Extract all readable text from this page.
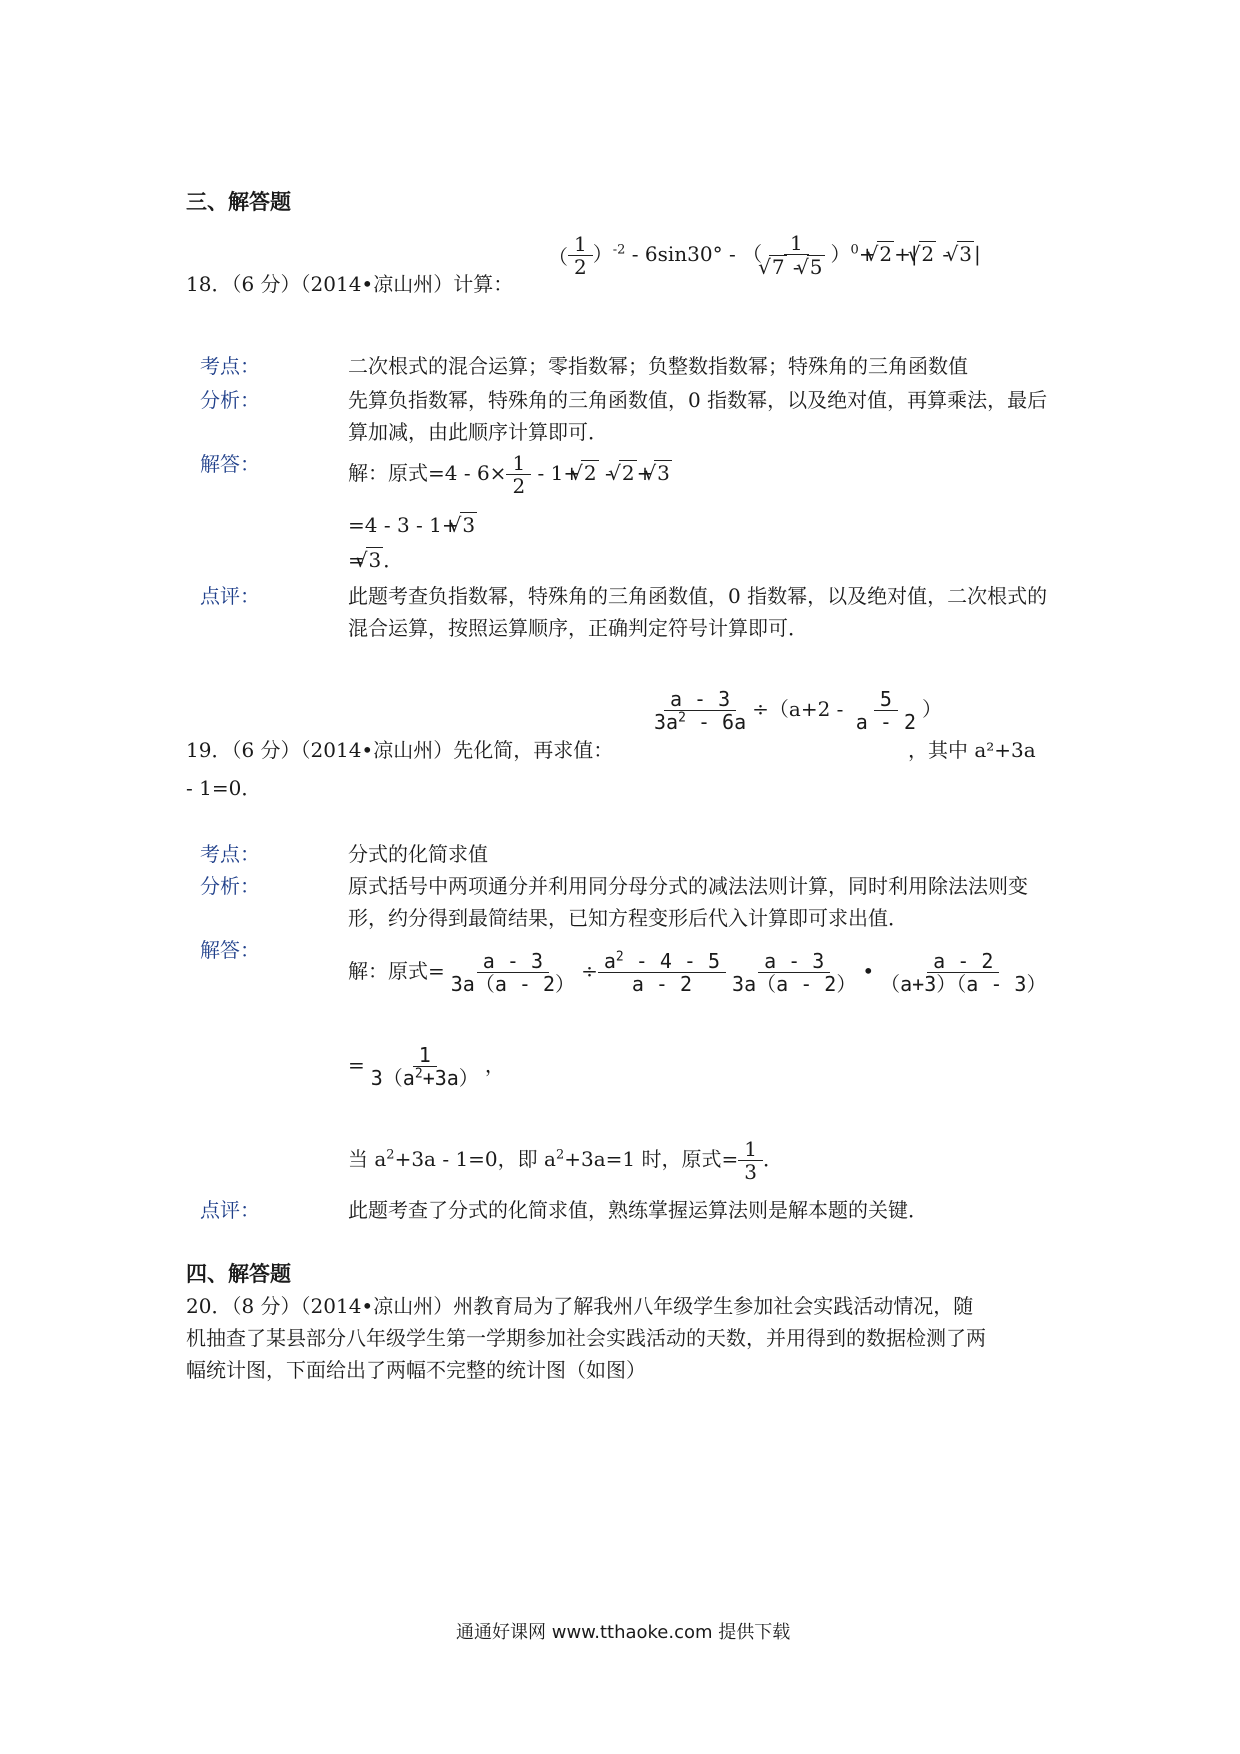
三、解答题
18．（6 分）（2014•凉山州）计算：
（ $\frac{1}{2} )^{-2} - 6\sin 30^\circ$ - （ 1
√ 7 - √ 5 ）$^0$+√ 2 +|√ 2 - √ 3 |
考点：	二次根式的混合运算；零指数幂；负整数指数幂；特殊角的三角函数值
分析：	先算负指数幂，特殊角的三角函数值，0 指数幂，以及绝对值，再算乘法，最后
算加减，由此顺序计算即可．
解答：	解：原式$=4 - 6\times \frac{1}{2} - 1+√$ 2 - √ 2 +√ 3
=4 - 3 - 1+√ 3
=√ 3 ．
点评：	此题考查负指数幂，特殊角的三角函数值，0 指数幂，以及绝对值，二次根式的
混合运算，按照运算顺序，正确判定符号计算即可．
19．（6 分）（2014•凉山州）先化简，再求值：
$\frac{a - 3}{3a^2 - 6a} \div(a+2 - \frac{5}{a - 2}$ ）
，其中 a²+3a
- 1=0．
考点：	分式的化简求值
分析：	原式括号中两项通分并利用同分母分式的减法法则计算，同时利用除法法则变
形，约分得到最简结果，已知方程变形后代入计算即可求出值．
解答：
解：原式= $\frac{a - 3}{3a(a - 2)} \div \frac{a^2 - 4 - 5}{a - 2} \frac{a - 3}{3a(a - 2)}$ • $\frac{a - 2}{(a+3)(a - 3)}$
= $\frac{1}{3(a^2+3a)}$ ，
当 $a^2+3a - 1=0$，即 $a^2+3a=1$ 时，原式= $\frac{1}{3}$ ．
点评：	此题考查了分式的化简求值，熟练掌握运算法则是解本题的关键．
四、解答题
20．（8 分）（2014•凉山州）州教育局为了解我州八年级学生参加社会实践活动情况，随
机抽查了某县部分八年级学生第一学期参加社会实践活动的天数，并用得到的数据检测了两
幅统计图，下面给出了两幅不完整的统计图（如图）
通通好课网 www.tthaoke.com 提供下载
